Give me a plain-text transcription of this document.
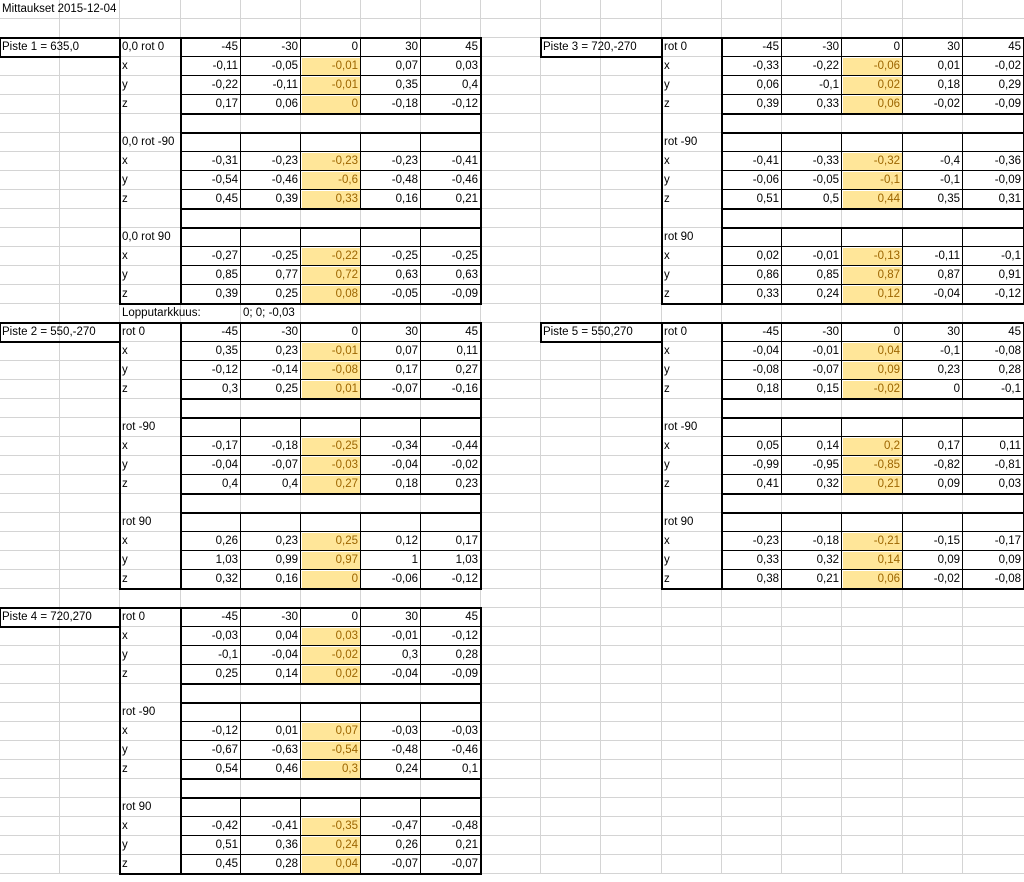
Mittaukset 2015-12-04
Piste 1 = 635,0	0,0 rot 0	-45	-30	0	30	45
x	-0,11	-0,05	-0,01	0,07	0,03
y	-0,22	-0,11	-0,01	0,35	0,4
z	0,17	0,06	0	-0,18	-0,12
0,0 rot -90
x	-0,31	-0,23	-0,23	-0,23	-0,41
y	-0,54	-0,46	-0,6	-0,48	-0,46
z	0,45	0,39	0,33	0,16	0,21
0,0 rot 90
x	-0,27	-0,25	-0,22	-0,25	-0,25
y	0,85	0,77	0,72	0,63	0,63
z	0,39	0,25	0,08	-0,05	-0,09
Piste 3 = 720,-270	rot 0	-45	-30	0	30	45
x	-0,33	-0,22	-0,06	0,01	-0,02
y	0,06	-0,1	0,02	0,18	0,29
z	0,39	0,33	0,06	-0,02	-0,09
rot -90
x	-0,41	-0,33	-0,32	-0,4	-0,36
y	-0,06	-0,05	-0,1	-0,1	-0,09
z	0,51	0,5	0,44	0,35	0,31
rot 90
x	0,02	-0,01	-0,13	-0,11	-0,1
y	0,86	0,85	0,87	0,87	0,91
z	0,33	0,24	0,12	-0,04	-0,12
Piste 2 = 550,-270	rot 0	-45	-30	0	30	45
x	0,35	0,23	-0,01	0,07	0,11
y	-0,12	-0,14	-0,08	0,17	0,27
z	0,3	0,25	0,01	-0,07	-0,16
rot -90
x	-0,17	-0,18	-0,25	-0,34	-0,44
y	-0,04	-0,07	-0,03	-0,04	-0,02
z	0,4	0,4	0,27	0,18	0,23
rot 90
x	0,26	0,23	0,25	0,12	0,17
y	1,03	0,99	0,97	1	1,03
z	0,32	0,16	0	-0,06	-0,12
Piste 5 = 550,270	rot 0	-45	-30	0	30	45
x	-0,04	-0,01	0,04	-0,1	-0,08
y	-0,08	-0,07	0,09	0,23	0,28
z	0,18	0,15	-0,02	0	-0,1
rot -90
x	0,05	0,14	0,2	0,17	0,11
y	-0,99	-0,95	-0,85	-0,82	-0,81
z	0,41	0,32	0,21	0,09	0,03
rot 90
x	-0,23	-0,18	-0,21	-0,15	-0,17
y	0,33	0,32	0,14	0,09	0,09
z	0,38	0,21	0,06	-0,02	-0,08
Piste 4 = 720,270	rot 0	-45	-30	0	30	45
x	-0,03	0,04	0,03	-0,01	-0,12
y	-0,1	-0,04	-0,02	0,3	0,28
z	0,25	0,14	0,02	-0,04	-0,09
rot -90
x	-0,12	0,01	0,07	-0,03	-0,03
y	-0,67	-0,63	-0,54	-0,48	-0,46
z	0,54	0,46	0,3	0,24	0,1
rot 90
x	-0,42	-0,41	-0,35	-0,47	-0,48
y	0,51	0,36	0,24	0,26	0,21
z	0,45	0,28	0,04	-0,07	-0,07
Lopputarkkuus:	0; 0; -0,03
